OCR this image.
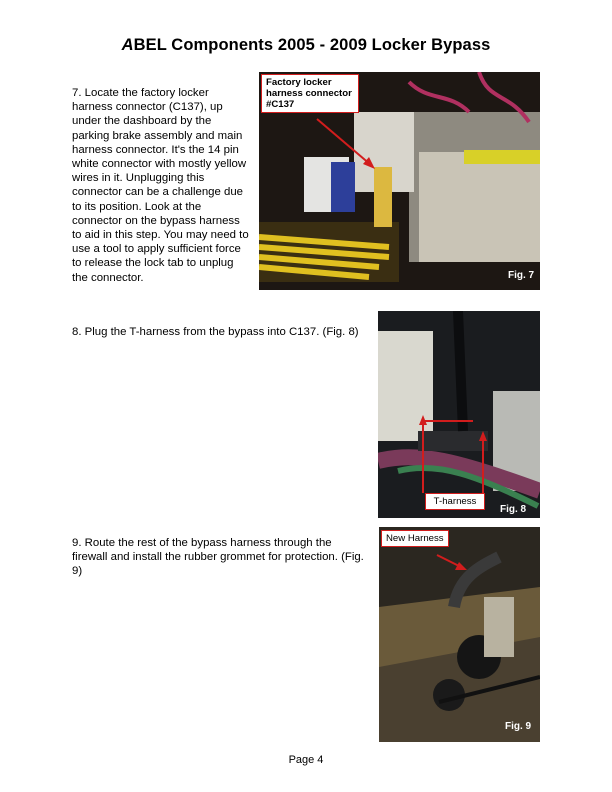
ABEL Components 2005 - 2009 Locker Bypass

7. Locate the factory locker harness connector (C137), up under the dashboard by the parking brake assembly and main harness connector. It's the 14 pin white connector with mostly yellow wires in it. Unplugging this connector can be a challenge due to its position. Look at the connector on the bypass harness to aid in this step. You may need to use a tool to apply sufficient force to release the lock tab to unplug the connector.

8. Plug the T-harness from the bypass into C137. (Fig. 8)

9. Route the rest of the bypass harness through the firewall and install the rubber grommet for protection. (Fig. 9)

Factory locker harness connector #C137
Fig. 7
T-harness
Fig. 8
New Harness
Fig. 9
Page 4
